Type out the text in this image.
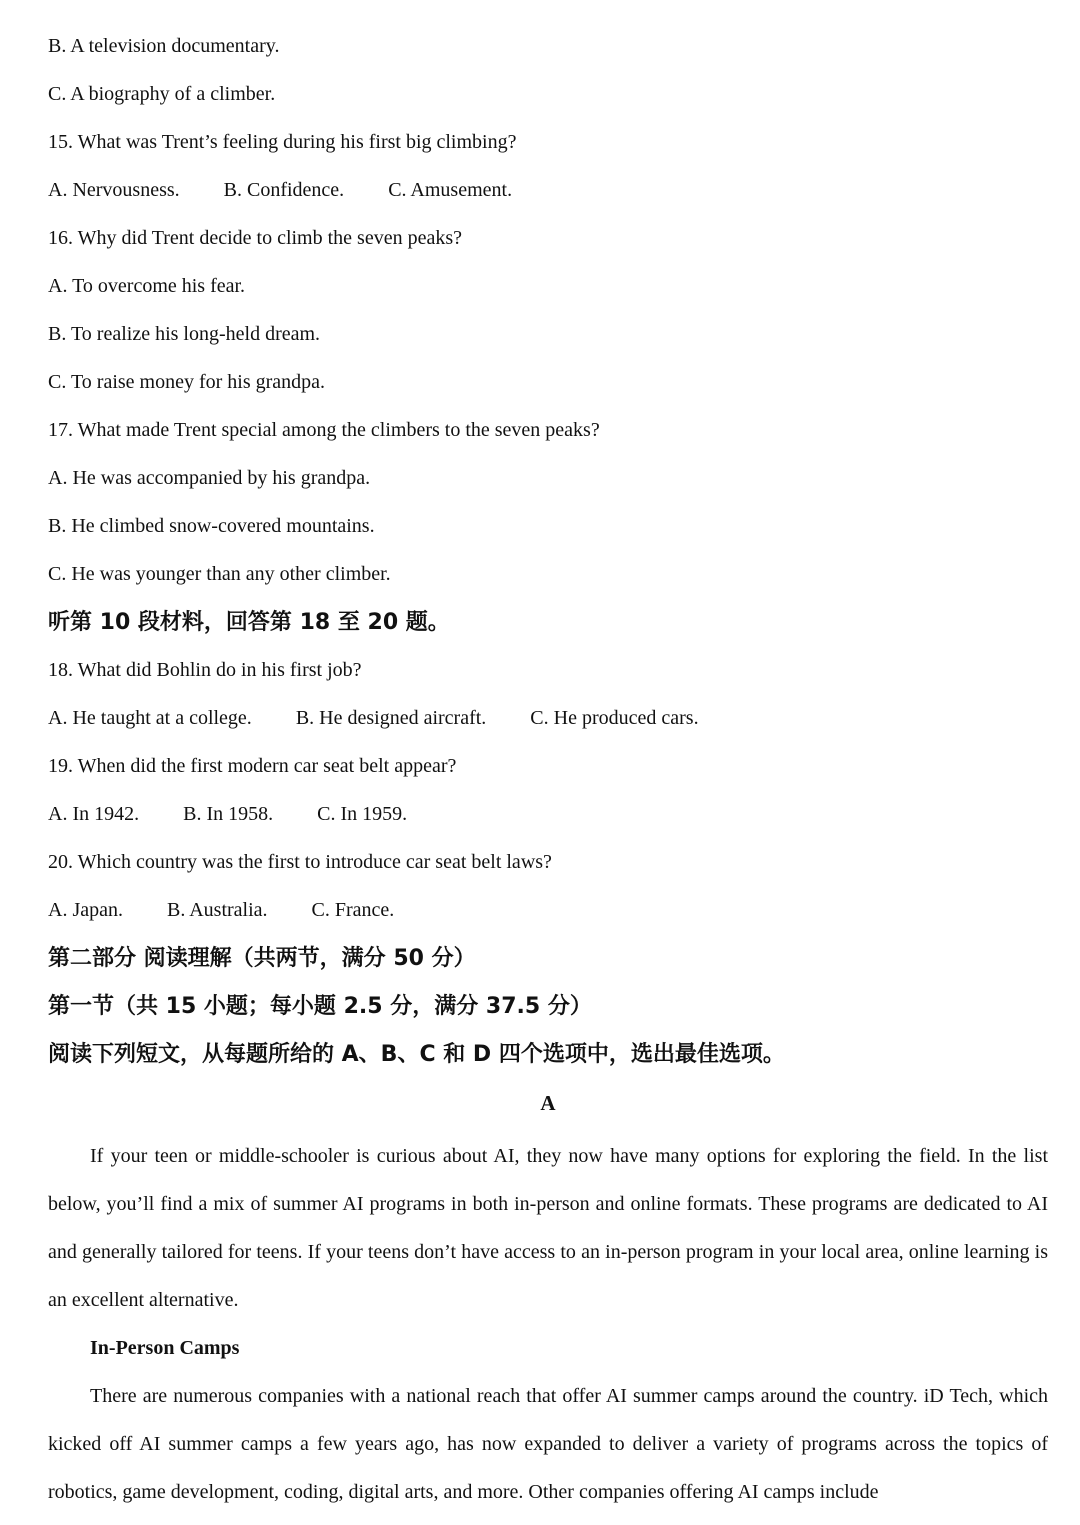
B. A television documentary.
C. A biography of a climber.
15. What was Trent’s feeling during his first big climbing?
A. Nervousness. B. Confidence. C. Amusement.
16. Why did Trent decide to climb the seven peaks?
A. To overcome his fear.
B. To realize his long-held dream.
C. To raise money for his grandpa.
17. What made Trent special among the climbers to the seven peaks?
A. He was accompanied by his grandpa.
B. He climbed snow-covered mountains.
C. He was younger than any other climber.
听第 10 段材料，回答第 18 至 20 题。
18. What did Bohlin do in his first job?
A. He taught at a college. B. He designed aircraft. C. He produced cars.
19. When did the first modern car seat belt appear?
A. In 1942. B. In 1958. C. In 1959.
20. Which country was the first to introduce car seat belt laws?
A. Japan. B. Australia. C. France.
第二部分 阅读理解（共两节，满分 50 分）
第一节（共 15 小题；每小题 2.5 分，满分 37.5 分）
阅读下列短文，从每题所给的 A、B、C 和 D 四个选项中，选出最佳选项。
A

If your teen or middle-schooler is curious about AI, they now have many options for exploring the field. In the list below, you’ll find a mix of summer AI programs in both in-person and online formats. These programs are dedicated to AI and generally tailored for teens. If your teens don’t have access to an in-person program in your local area, online learning is an excellent alternative.

In-Person Camps

There are numerous companies with a national reach that offer AI summer camps around the country. iD Tech, which kicked off AI summer camps a few years ago, has now expanded to deliver a variety of programs across the topics of robotics, game development, coding, digital arts, and more. Other companies offering AI camps include
